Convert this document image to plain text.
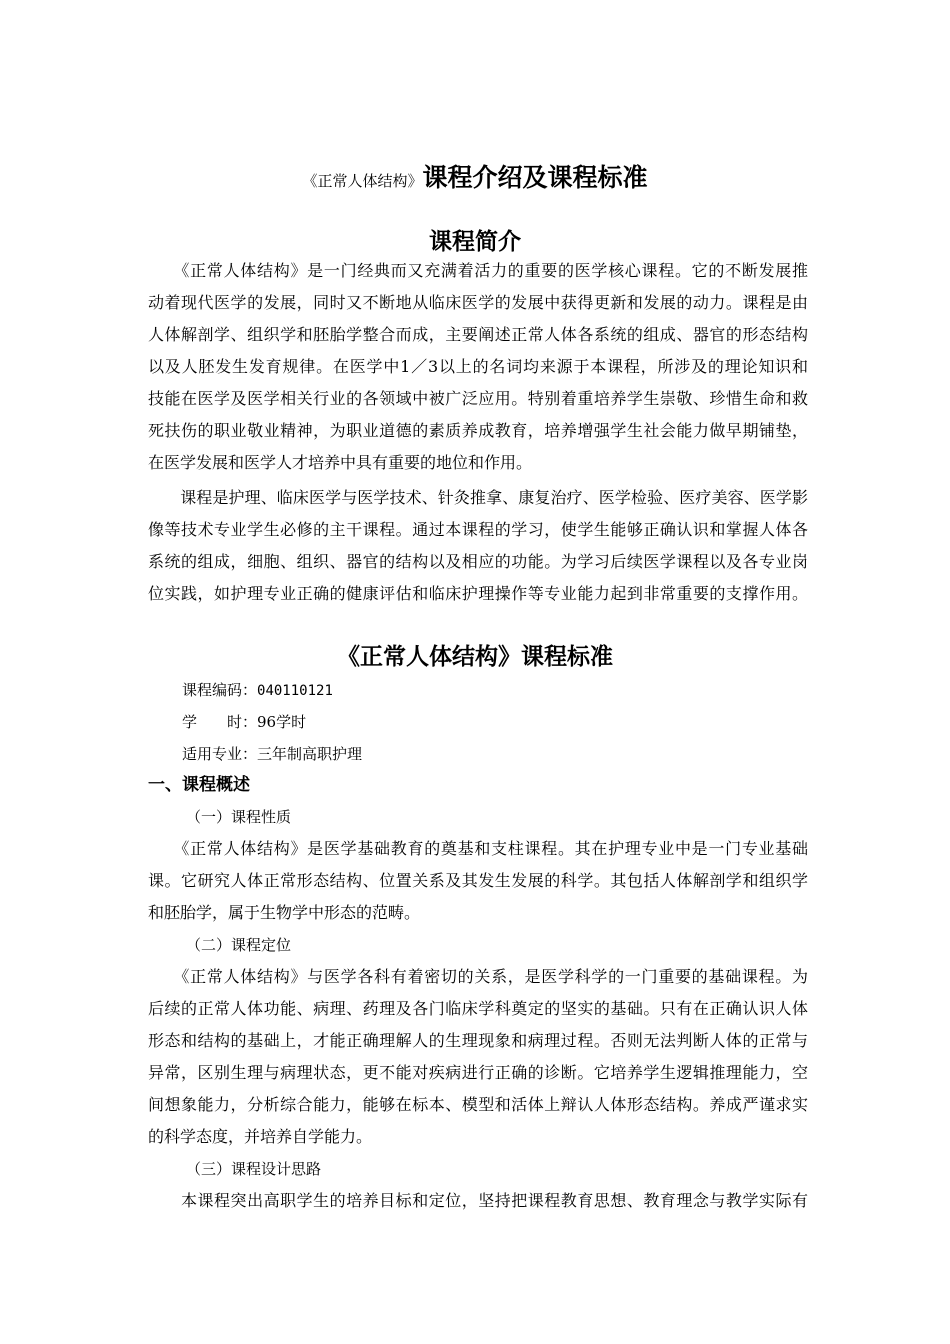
《正常人体结构》课程介绍及课程标准
课程简介
　　《正常人体结构》是一门经典而又充满着活力的重要的医学核心课程。它的不断发展推
动着现代医学的发展，同时又不断地从临床医学的发展中获得更新和发展的动力。课程是由
人体解剖学、组织学和胚胎学整合而成，主要阐述正常人体各系统的组成、器官的形态结构
以及人胚发生发育规律。在医学中1／3以上的名词均来源于本课程，所涉及的理论知识和
技能在医学及医学相关行业的各领域中被广泛应用。特别着重培养学生崇敬、珍惜生命和救
死扶伤的职业敬业精神，为职业道德的素质养成教育，培养增强学生社会能力做早期铺垫，
在医学发展和医学人才培养中具有重要的地位和作用。
　　课程是护理、临床医学与医学技术、针灸推拿、康复治疗、医学检验、医疗美容、医学影
像等技术专业学生必修的主干课程。通过本课程的学习，使学生能够正确认识和掌握人体各
系统的组成，细胞、组织、器官的结构以及相应的功能。为学习后续医学课程以及各专业岗
位实践，如护理专业正确的健康评估和临床护理操作等专业能力起到非常重要的支撑作用。
《正常人体结构》课程标准
课程编码：040110121
学　　时：96学时
适用专业：三年制高职护理
一、课程概述
（一）课程性质
　　《正常人体结构》是医学基础教育的奠基和支柱课程。其在护理专业中是一门专业基础
课。它研究人体正常形态结构、位置关系及其发生发展的科学。其包括人体解剖学和组织学
和胚胎学，属于生物学中形态的范畴。
（二）课程定位
　　《正常人体结构》与医学各科有着密切的关系，是医学科学的一门重要的基础课程。为
后续的正常人体功能、病理、药理及各门临床学科奠定的坚实的基础。只有在正确认识人体
形态和结构的基础上，才能正确理解人的生理现象和病理过程。否则无法判断人体的正常与
异常，区别生理与病理状态，更不能对疾病进行正确的诊断。它培养学生逻辑推理能力，空
间想象能力，分析综合能力，能够在标本、模型和活体上辩认人体形态结构。养成严谨求实
的科学态度，并培养自学能力。
（三）课程设计思路
　　本课程突出高职学生的培养目标和定位，坚持把课程教育思想、教育理念与教学实际有
